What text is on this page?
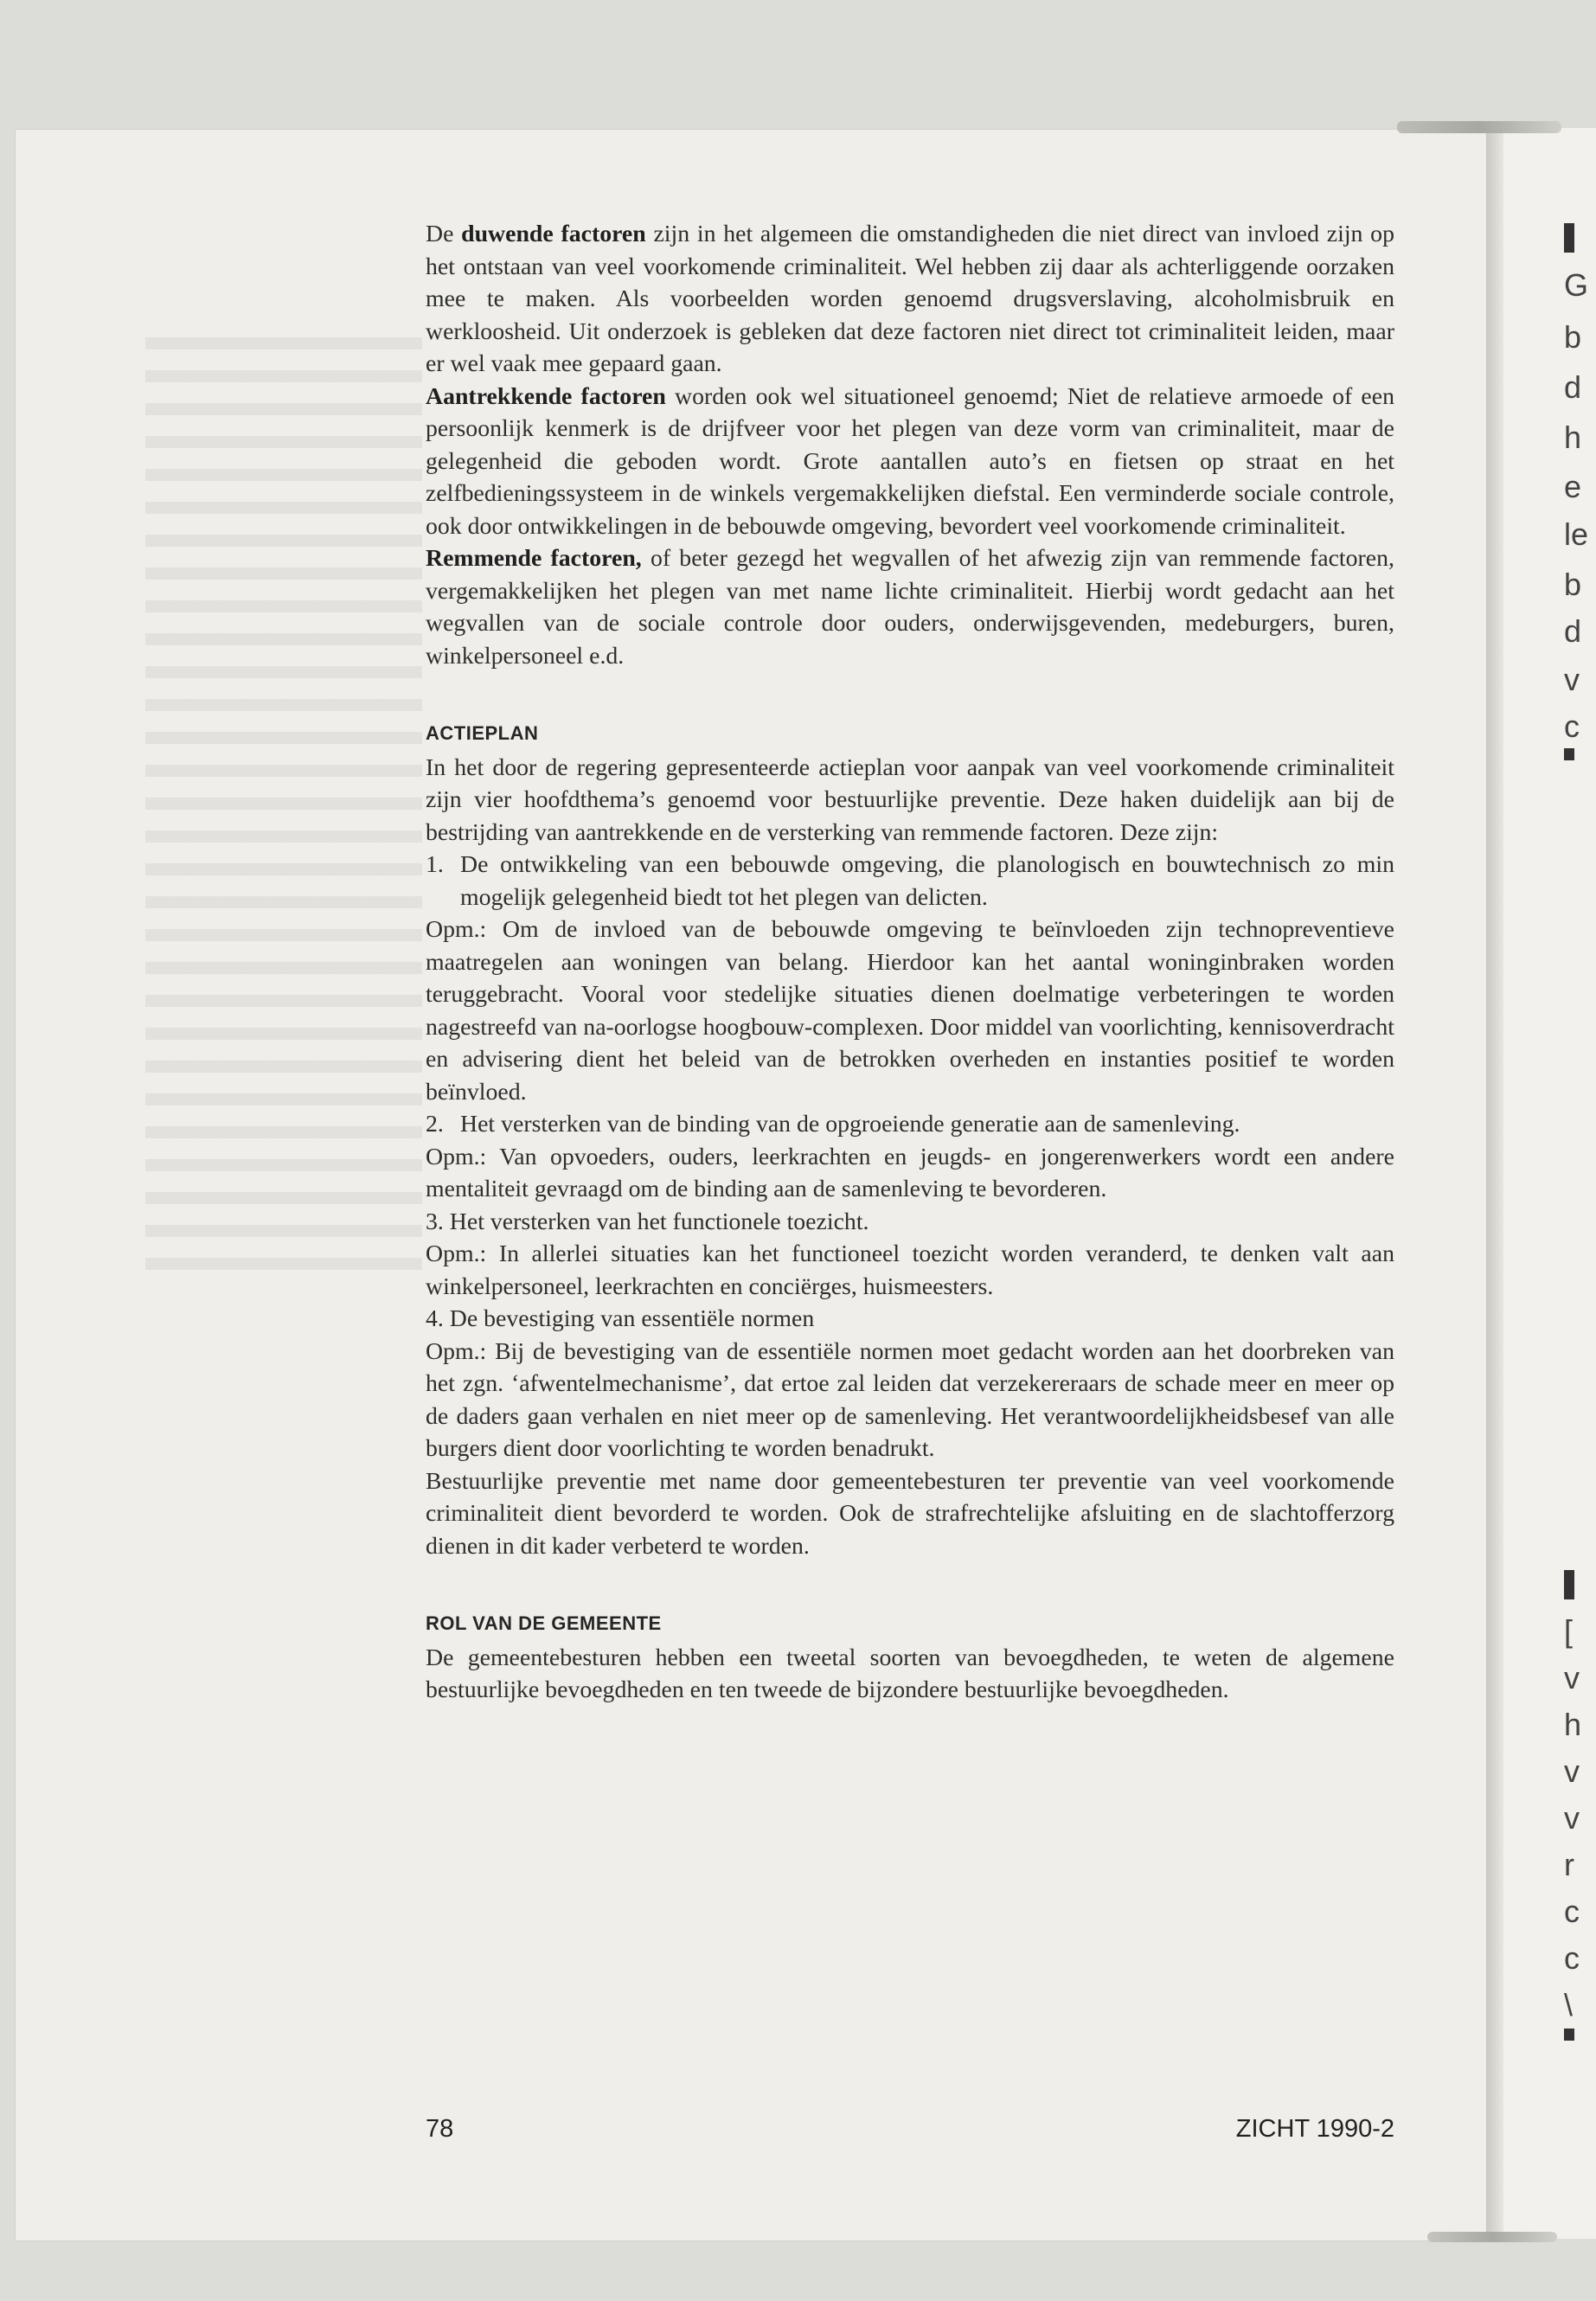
G
b
d
h
e
le
b
d
v
c
[
v
h
v
v
r
c
c
\

De duwende factoren zijn in het algemeen die omstandigheden die niet direct van invloed zijn op het ontstaan van veel voorkomende criminaliteit. Wel hebben zij daar als achterliggende oorzaken mee te maken. Als voorbeelden worden genoemd drugsverslaving, alcoholmisbruik en werkloosheid. Uit onderzoek is gebleken dat deze factoren niet direct tot criminaliteit leiden, maar er wel vaak mee gepaard gaan.

Aantrekkende factoren worden ook wel situationeel genoemd; Niet de relatieve armoede of een persoonlijk kenmerk is de drijfveer voor het plegen van deze vorm van criminaliteit, maar de gelegenheid die geboden wordt. Grote aantallen auto’s en fietsen op straat en het zelfbedieningssysteem in de winkels vergemakkelijken diefstal. Een verminderde sociale controle, ook door ontwikkelingen in de bebouwde omgeving, bevordert veel voorkomende criminaliteit.

Remmende factoren, of beter gezegd het wegvallen of het afwezig zijn van remmende factoren, vergemakkelijken het plegen van met name lichte criminaliteit. Hierbij wordt gedacht aan het wegvallen van de sociale controle door ouders, onderwijsgevenden, medeburgers, buren, winkelpersoneel e.d.

ACTIEPLAN

In het door de regering gepresenteerde actieplan voor aanpak van veel voorkomende criminaliteit zijn vier hoofdthema’s genoemd voor bestuurlijke preventie. Deze haken duidelijk aan bij de bestrijding van aantrekkende en de versterking van remmende factoren. Deze zijn:

1. De ontwikkeling van een bebouwde omgeving, die planologisch en bouwtechnisch zo min mogelijk gelegenheid biedt tot het plegen van delicten.

Opm.: Om de invloed van de bebouwde omgeving te beïnvloeden zijn technopreventieve maatregelen aan woningen van belang. Hierdoor kan het aantal woninginbraken worden teruggebracht. Vooral voor stedelijke situaties dienen doelmatige verbeteringen te worden nagestreefd van na-oorlogse hoogbouw-complexen. Door middel van voorlichting, kennisoverdracht en advisering dient het beleid van de betrokken overheden en instanties positief te worden beïnvloed.

2. Het versterken van de binding van de opgroeiende generatie aan de samenleving.

Opm.: Van opvoeders, ouders, leerkrachten en jeugds- en jongerenwerkers wordt een andere mentaliteit gevraagd om de binding aan de samenleving te bevorderen.

3. Het versterken van het functionele toezicht.

Opm.: In allerlei situaties kan het functioneel toezicht worden veranderd, te denken valt aan winkelpersoneel, leerkrachten en conciërges, huismeesters.

4. De bevestiging van essentiële normen

Opm.: Bij de bevestiging van de essentiële normen moet gedacht worden aan het doorbreken van het zgn. ‘afwentelmechanisme’, dat ertoe zal leiden dat verzekereraars de schade meer en meer op de daders gaan verhalen en niet meer op de samenleving. Het verantwoordelijkheidsbesef van alle burgers dient door voorlichting te worden benadrukt.

Bestuurlijke preventie met name door gemeentebesturen ter preventie van veel voorkomende criminaliteit dient bevorderd te worden. Ook de strafrechtelijke afsluiting en de slachtofferzorg dienen in dit kader verbeterd te worden.

ROL VAN DE GEMEENTE

De gemeentebesturen hebben een tweetal soorten van bevoegdheden, te weten de algemene bestuurlijke bevoegdheden en ten tweede de bijzondere bestuurlijke bevoegdheden.

78	ZICHT 1990-2
